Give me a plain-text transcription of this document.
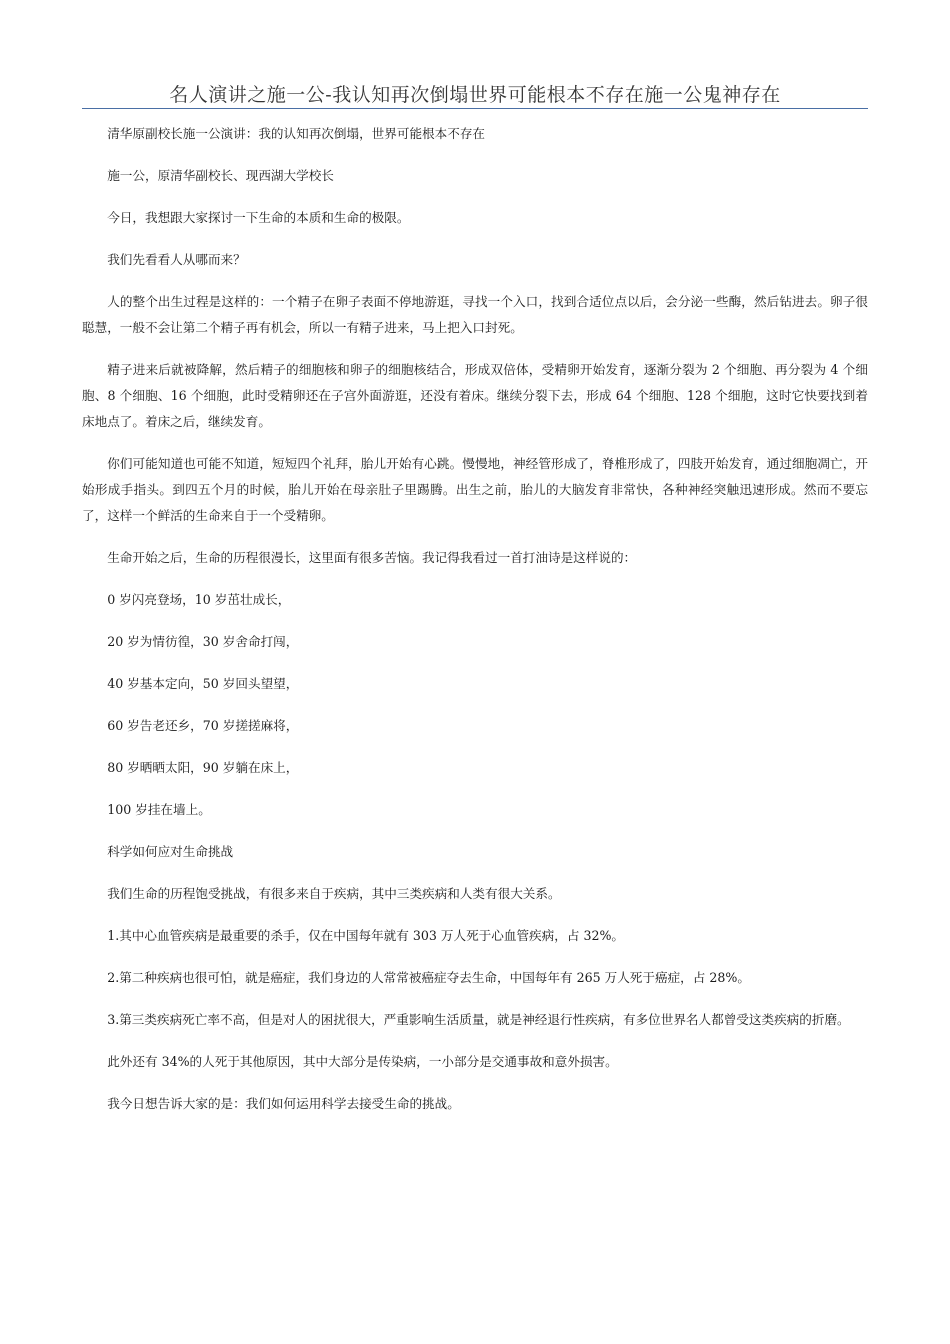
名人演讲之施一公-我认知再次倒塌世界可能根本不存在施一公鬼神存在

清华原副校长施一公演讲：我的认知再次倒塌，世界可能根本不存在

施一公，原清华副校长、现西湖大学校长

今日，我想跟大家探讨一下生命的本质和生命的极限。

我们先看看人从哪而来？

人的整个出生过程是这样的：一个精子在卵子表面不停地游逛，寻找一个入口，找到合适位点以后，会分泌一些酶，然后钻进去。卵子很聪慧，一般不会让第二个精子再有机会，所以一有精子进来，马上把入口封死。

精子进来后就被降解，然后精子的细胞核和卵子的细胞核结合，形成双倍体，受精卵开始发育，逐渐分裂为 2 个细胞、再分裂为 4 个细胞、8 个细胞、16 个细胞，此时受精卵还在子宫外面游逛，还没有着床。继续分裂下去，形成 64 个细胞、128 个细胞，这时它快要找到着床地点了。着床之后，继续发育。

你们可能知道也可能不知道，短短四个礼拜，胎儿开始有心跳。慢慢地，神经管形成了，脊椎形成了，四肢开始发育，通过细胞凋亡，开始形成手指头。到四五个月的时候，胎儿开始在母亲肚子里踢腾。出生之前，胎儿的大脑发育非常快，各种神经突触迅速形成。然而不要忘了，这样一个鲜活的生命来自于一个受精卵。

生命开始之后，生命的历程很漫长，这里面有很多苦恼。我记得我看过一首打油诗是这样说的：

0 岁闪亮登场，10 岁茁壮成长，

20 岁为情彷徨，30 岁舍命打闯，

40 岁基本定向，50 岁回头望望，

60 岁告老还乡，70 岁搓搓麻将，

80 岁晒晒太阳，90 岁躺在床上，

100 岁挂在墙上。

科学如何应对生命挑战

我们生命的历程饱受挑战，有很多来自于疾病，其中三类疾病和人类有很大关系。

1.其中心血管疾病是最重要的杀手，仅在中国每年就有 303 万人死于心血管疾病，占 32%。

2.第二种疾病也很可怕，就是癌症，我们身边的人常常被癌症夺去生命，中国每年有 265 万人死于癌症，占 28%。

3.第三类疾病死亡率不高，但是对人的困扰很大，严重影响生活质量，就是神经退行性疾病，有多位世界名人都曾受这类疾病的折磨。

此外还有 34%的人死于其他原因，其中大部分是传染病，一小部分是交通事故和意外损害。

我今日想告诉大家的是：我们如何运用科学去接受生命的挑战。
